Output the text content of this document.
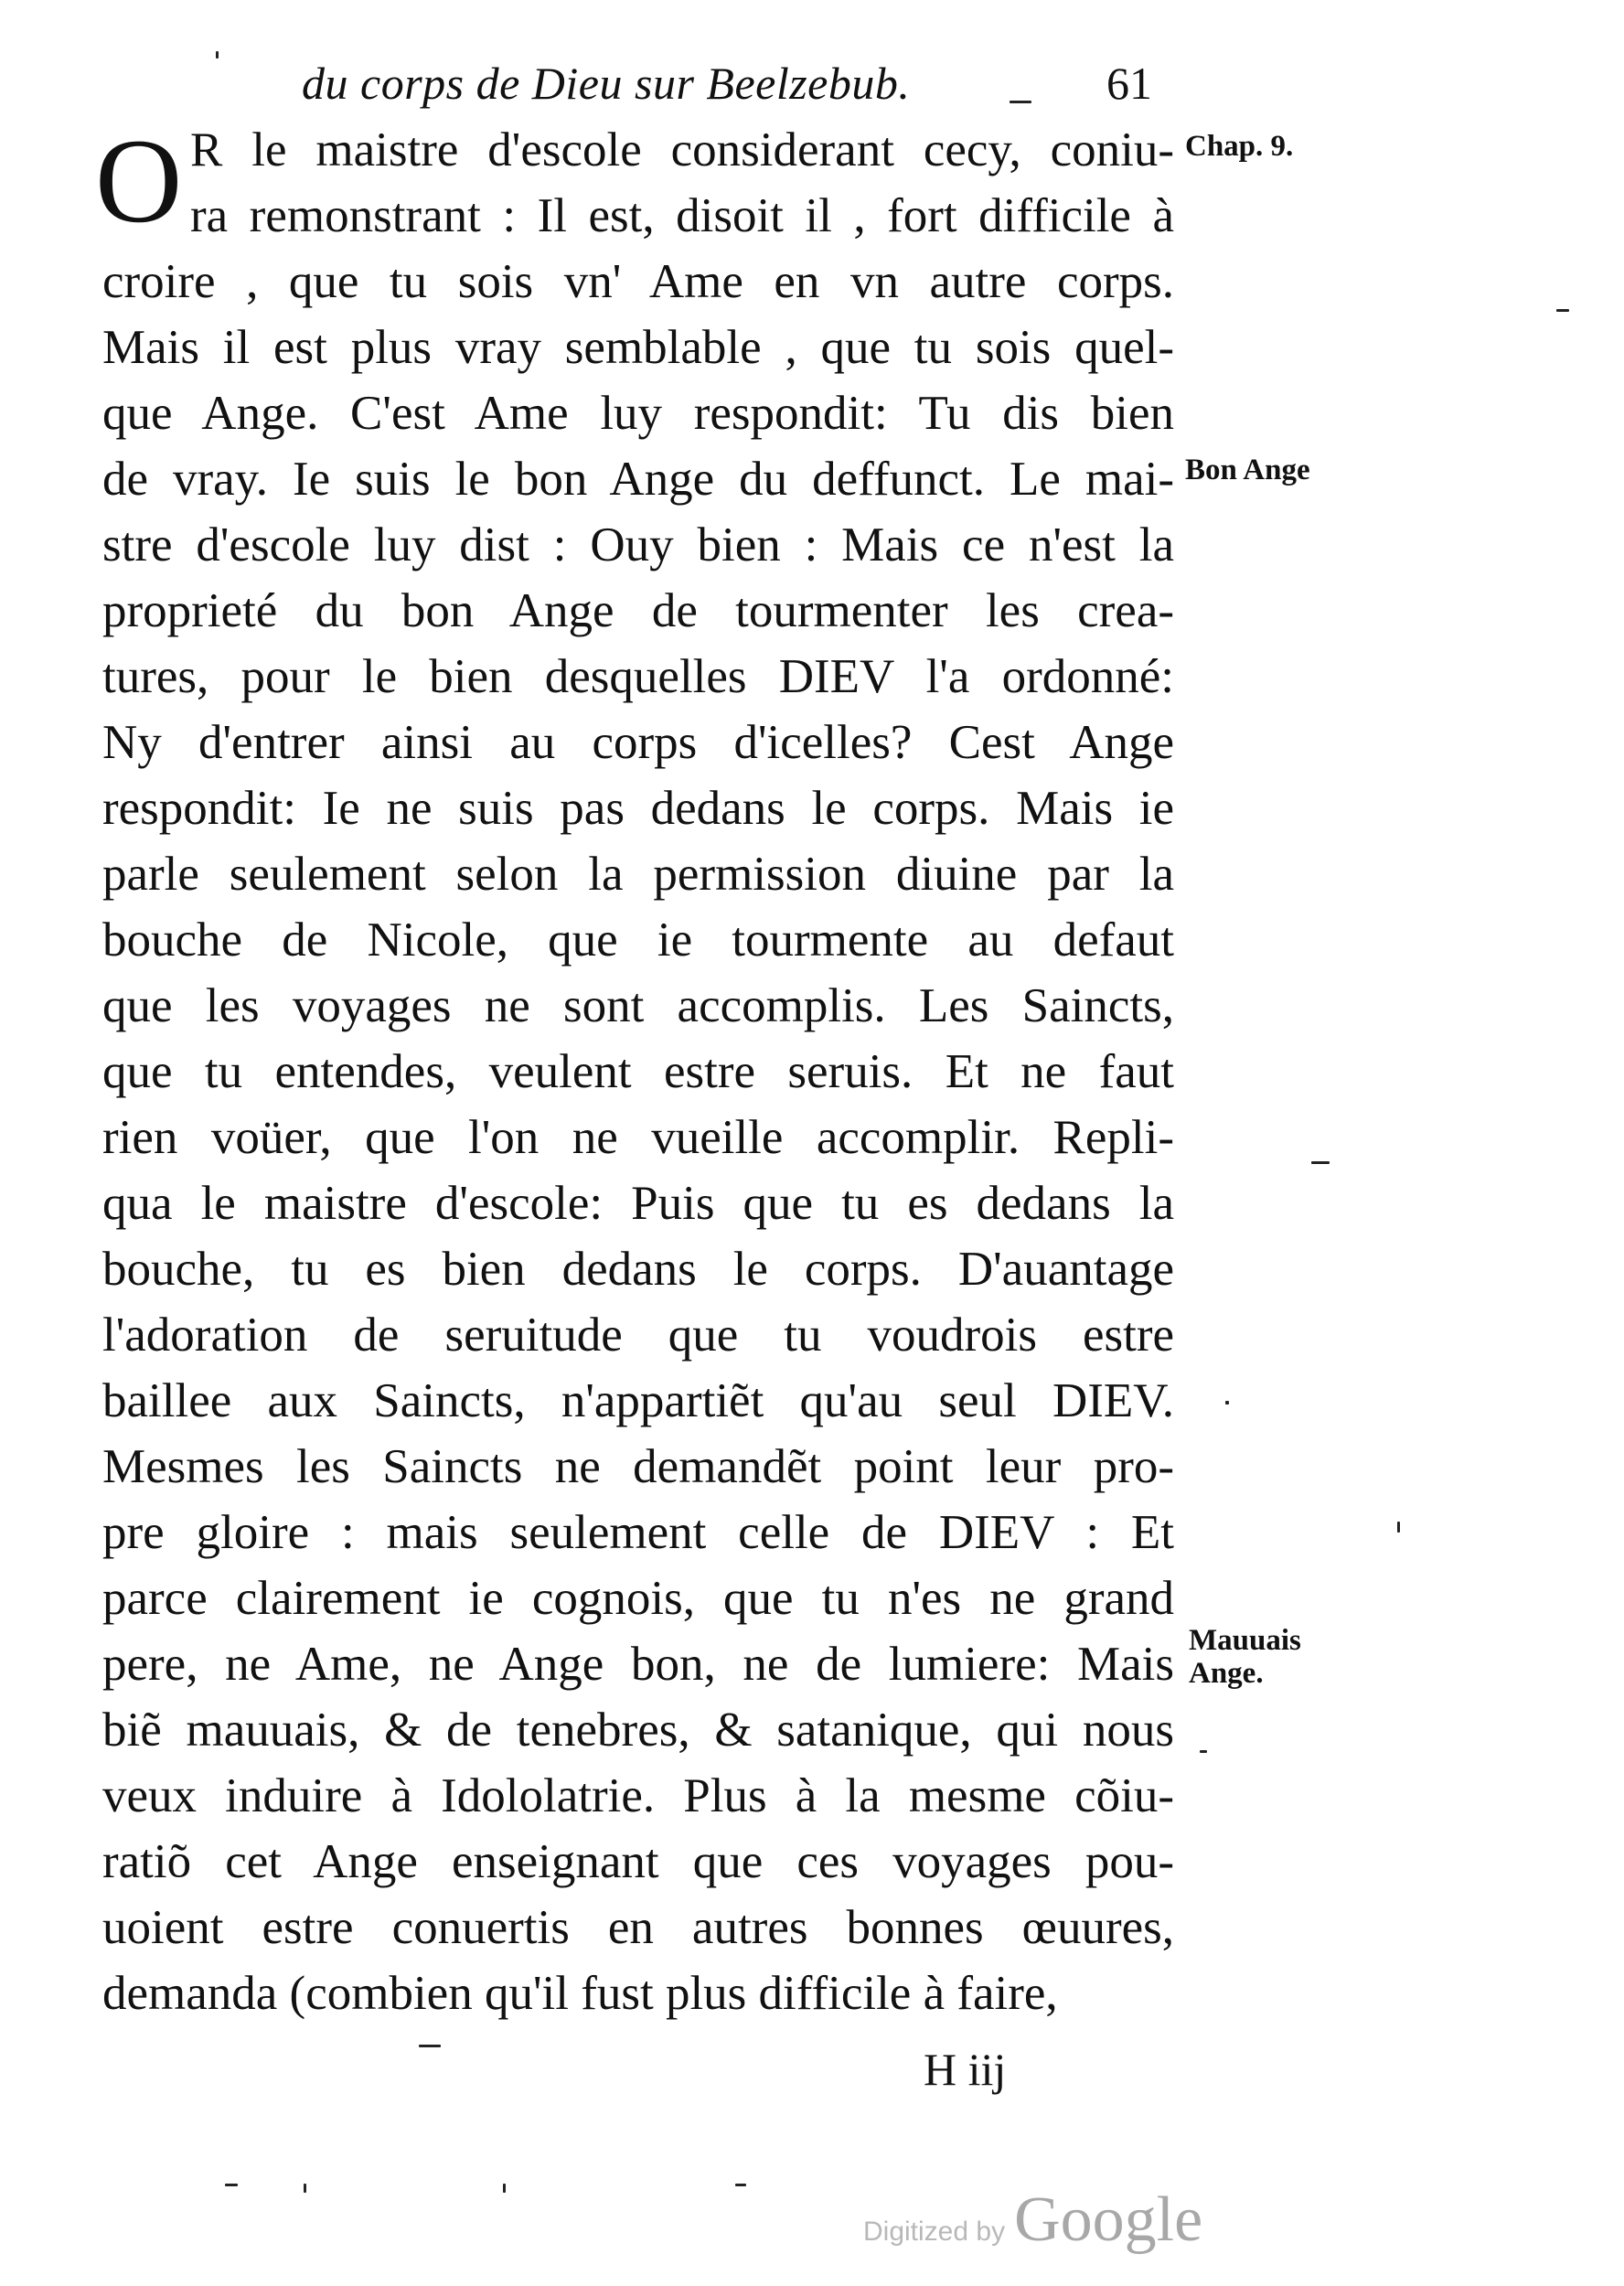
du corps de Dieu sur Beelzebub.	61
O R le maistre d'escole considerant cecy, coniu-
ra remonstrant : Il est, disoit il , fort difficile à
croire , que tu sois vn' Ame en vn autre corps.
Mais il est plus vray semblable , que tu sois quel-
que Ange. C'est Ame luy respondit: Tu dis bien
de vray. Ie suis le bon Ange du deffunct. Le mai-
stre d'escole luy dist : Ouy bien : Mais ce n'est la
proprieté du bon Ange de tourmenter les crea-
tures, pour le bien desquelles DIEV l'a ordonné:
Ny d'entrer ainsi au corps d'icelles? Cest Ange
respondit: Ie ne suis pas dedans le corps. Mais ie
parle seulement selon la permission diuine par la
bouche de Nicole, que ie tourmente au defaut
que les voyages ne sont accomplis. Les Saincts,
que tu entendes, veulent estre seruis. Et ne faut
rien voüer, que l'on ne vueille accomplir. Repli-
qua le maistre d'escole: Puis que tu es dedans la
bouche, tu es bien dedans le corps. D'auantage
l'adoration de seruitude que tu voudrois estre
baillee aux Saincts, n'appartiẽt qu'au seul DIEV.
Mesmes les Saincts ne demandẽt point leur pro-
pre gloire : mais seulement celle de DIEV : Et
parce clairement ie cognois, que tu n'es ne grand
pere, ne Ame, ne Ange bon, ne de lumiere: Mais
biẽ mauuais, & de tenebres, & satanique, qui nous
veux induire à Idololatrie. Plus à la mesme cõiu-
ratiõ cet Ange enseignant que ces voyages pou-
uoient estre conuertis en autres bonnes œuures,
demanda (combien qu'il fust plus difficile à faire,
Chap. 9.
Bon Ange
Mauuais
Ange.
H iij
Digitized by Google
